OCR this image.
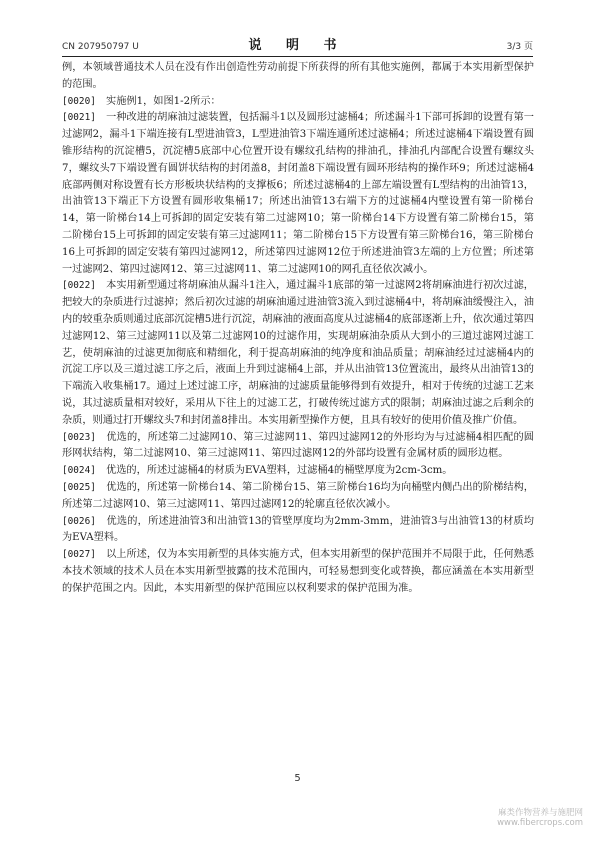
CN 207950797 U	说 明 书	3/3 页

例，本领域普通技术人员在没有作出创造性劳动前提下所获得的所有其他实施例，都属于本实用新型保护的范围。

[0020]　实施例1，如图1-2所示：

[0021]　一种改进的胡麻油过滤装置，包括漏斗1以及圆形过滤桶4；所述漏斗1下部可拆卸的设置有第一过滤网2，漏斗1下端连接有L型进油管3，L型进油管3下端连通所述过滤桶4；所述过滤桶4下端设置有圆锥形结构的沉淀槽5，沉淀槽5底部中心位置开设有螺纹孔结构的排油孔，排油孔内部配合设置有螺纹头7，螺纹头7下端设置有圆饼状结构的封闭盖8，封闭盖8下端设置有圆环形结构的操作环9；所述过滤桶4底部两侧对称设置有长方形板块状结构的支撑板6；所述过滤桶4的上部左端设置有L型结构的出油管13，出油管13下端正下方设置有圆形收集桶17；所述出油管13右端下方的过滤桶4内壁设置有第一阶梯台14，第一阶梯台14上可拆卸的固定安装有第二过滤网10；第一阶梯台14下方设置有第二阶梯台15，第二阶梯台15上可拆卸的固定安装有第三过滤网11；第二阶梯台15下方设置有第三阶梯台16，第三阶梯台16上可拆卸的固定安装有第四过滤网12，所述第四过滤网12位于所述进油管3左端的上方位置；所述第一过滤网2、第四过滤网12、第三过滤网11、第二过滤网10的网孔直径依次减小。

[0022]　本实用新型通过将胡麻油从漏斗1注入，通过漏斗1底部的第一过滤网2将胡麻油进行初次过滤，把较大的杂质进行过滤掉；然后初次过滤的胡麻油通过进油管3流入到过滤桶4中，将胡麻油缓慢注入，油内的较重杂质则通过底部沉淀槽5进行沉淀，胡麻油的液面高度从过滤桶4的底部逐渐上升，依次通过第四过滤网12、第三过滤网11以及第二过滤网10的过滤作用，实现胡麻油杂质从大到小的三道过滤网过滤工艺，使胡麻油的过滤更加彻底和精细化，利于提高胡麻油的纯净度和油品质量；胡麻油经过过滤桶4内的沉淀工序以及三道过滤工序之后，液面上升到过滤桶4上部，并从出油管13位置流出，最终从出油管13的下端流入收集桶17。通过上述过滤工序，胡麻油的过滤质量能够得到有效提升，相对于传统的过滤工艺来说，其过滤质量相对较好，采用从下往上的过滤工艺，打破传统过滤方式的限制；胡麻油过滤之后剩余的杂质，则通过打开螺纹头7和封闭盖8排出。本实用新型操作方便，且具有较好的使用价值及推广价值。

[0023]　优选的，所述第二过滤网10、第三过滤网11、第四过滤网12的外形均为与过滤桶4相匹配的圆形网状结构，第二过滤网10、第三过滤网11、第四过滤网12的外部均设置有金属材质的圆形边框。

[0024]　优选的，所述过滤桶4的材质为EVA塑料，过滤桶4的桶壁厚度为2cm-3cm。

[0025]　优选的，所述第一阶梯台14、第二阶梯台15、第三阶梯台16均为向桶壁内侧凸出的阶梯结构，所述第二过滤网10、第三过滤网11、第四过滤网12的轮廓直径依次减小。

[0026]　优选的，所述进油管3和出油管13的管壁厚度均为2mm-3mm，进油管3与出油管13的材质均为EVA塑料。

[0027]　以上所述，仅为本实用新型的具体实施方式，但本实用新型的保护范围并不局限于此，任何熟悉本技术领域的技术人员在本实用新型披露的技术范围内，可轻易想到变化或替换，都应涵盖在本实用新型的保护范围之内。因此，本实用新型的保护范围应以权利要求的保护范围为准。

5
麻类作物营养与施肥网
www.fibercrops.com
